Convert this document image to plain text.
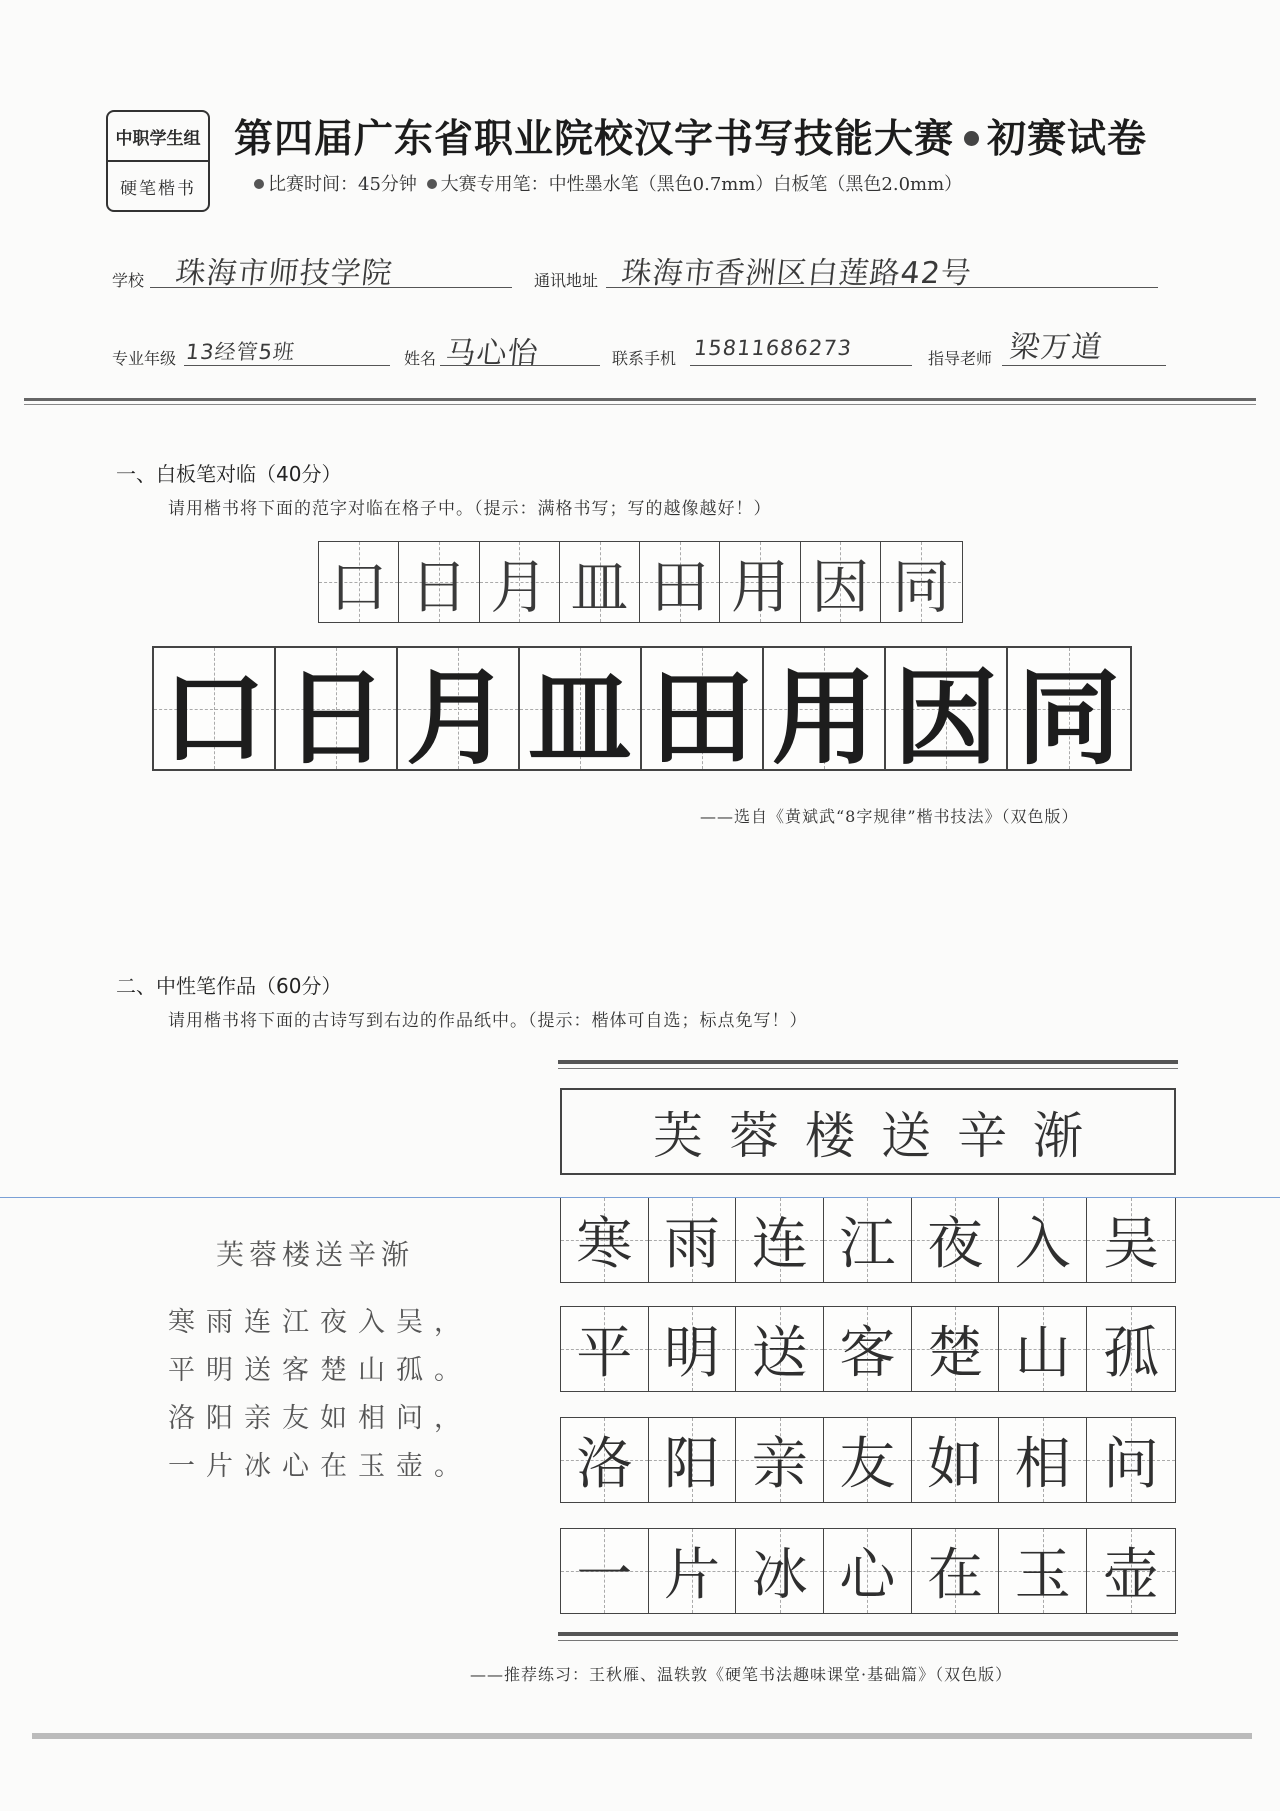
中职学生组
硬笔楷书
第四届广东省职业院校汉字书写技能大赛 初赛试卷
比赛时间：45分钟 大赛专用笔：中性墨水笔（黑色0.7mm）白板笔（黑色2.0mm）
学校 珠海市师技学院	通讯地址 珠海市香洲区白莲路42号
专业年级 13经管5班	姓名 马心怡	联系手机 15811686273	指导老师 梁万道
一、白板笔对临（40分）
请用楷书将下面的范字对临在格子中。（提示：满格书写；写的越像越好！）
口 日 月 皿 田 用 因 同
口 日 月 皿 田 用 因 同
——选自《黄斌武“8字规律”楷书技法》（双色版）
二、中性笔作品（60分）
请用楷书将下面的古诗写到右边的作品纸中。（提示：楷体可自选；标点免写！）
芙蓉楼送辛渐
寒雨连江夜入吴，
平明送客楚山孤。
洛阳亲友如相问，
一片冰心在玉壶。
芙蓉楼送辛渐
寒 雨 连 江 夜 入 吴
平 明 送 客 楚 山 孤
洛 阳 亲 友 如 相 问
一 片 冰 心 在 玉 壶
——推荐练习：王秋雁、温轶敦《硬笔书法趣味课堂·基础篇》（双色版）
